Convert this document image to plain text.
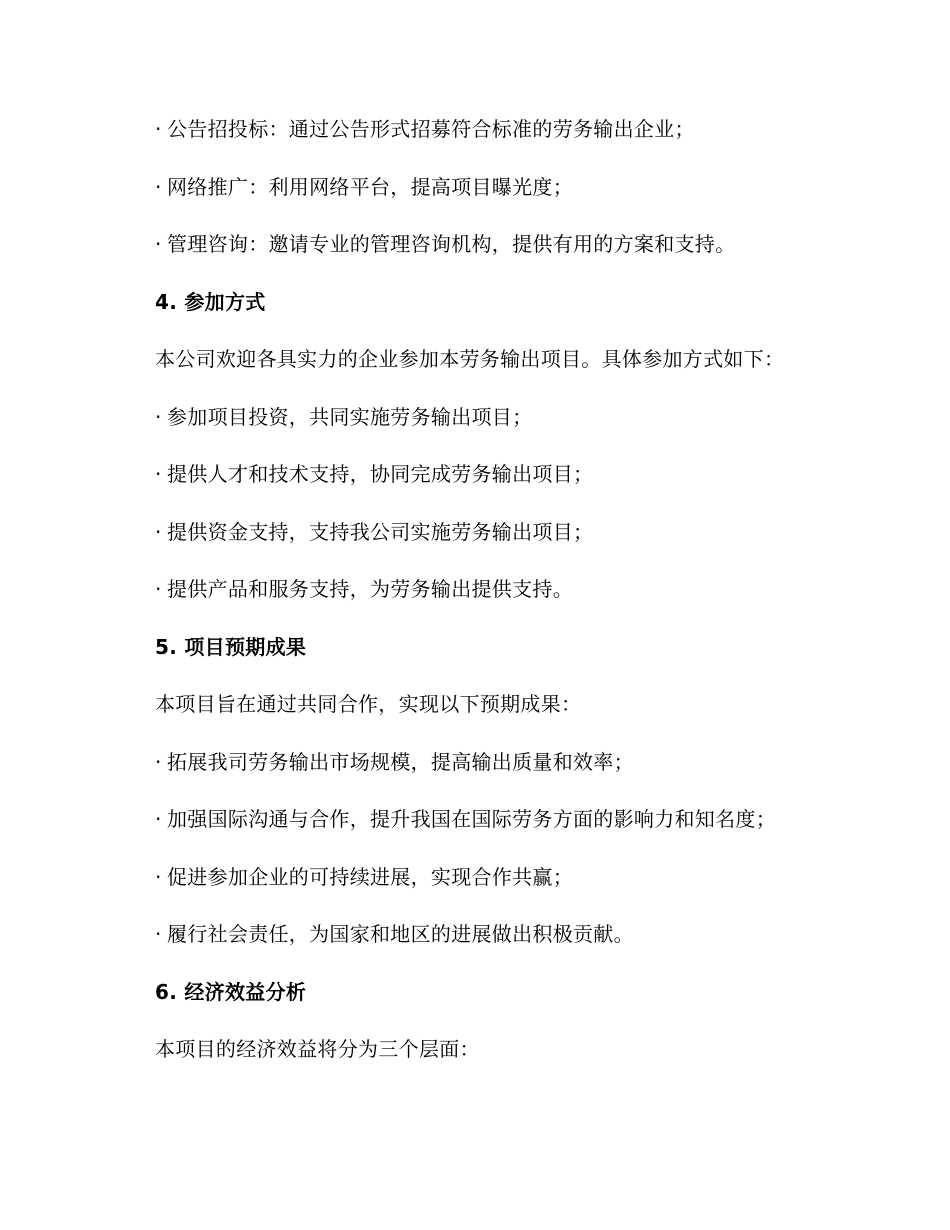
· 公告招投标：通过公告形式招募符合标准的劳务输出企业；
· 网络推广：利用网络平台，提高项目曝光度；
· 管理咨询：邀请专业的管理咨询机构，提供有用的方案和支持。
4. 参加方式
本公司欢迎各具实力的企业参加本劳务输出项目。具体参加方式如下：
· 参加项目投资，共同实施劳务输出项目；
· 提供人才和技术支持，协同完成劳务输出项目；
· 提供资金支持，支持我公司实施劳务输出项目；
· 提供产品和服务支持，为劳务输出提供支持。
5. 项目预期成果
本项目旨在通过共同合作，实现以下预期成果：
· 拓展我司劳务输出市场规模，提高输出质量和效率；
· 加强国际沟通与合作，提升我国在国际劳务方面的影响力和知名度；
· 促进参加企业的可持续进展，实现合作共赢；
· 履行社会责任，为国家和地区的进展做出积极贡献。
6. 经济效益分析
本项目的经济效益将分为三个层面：
